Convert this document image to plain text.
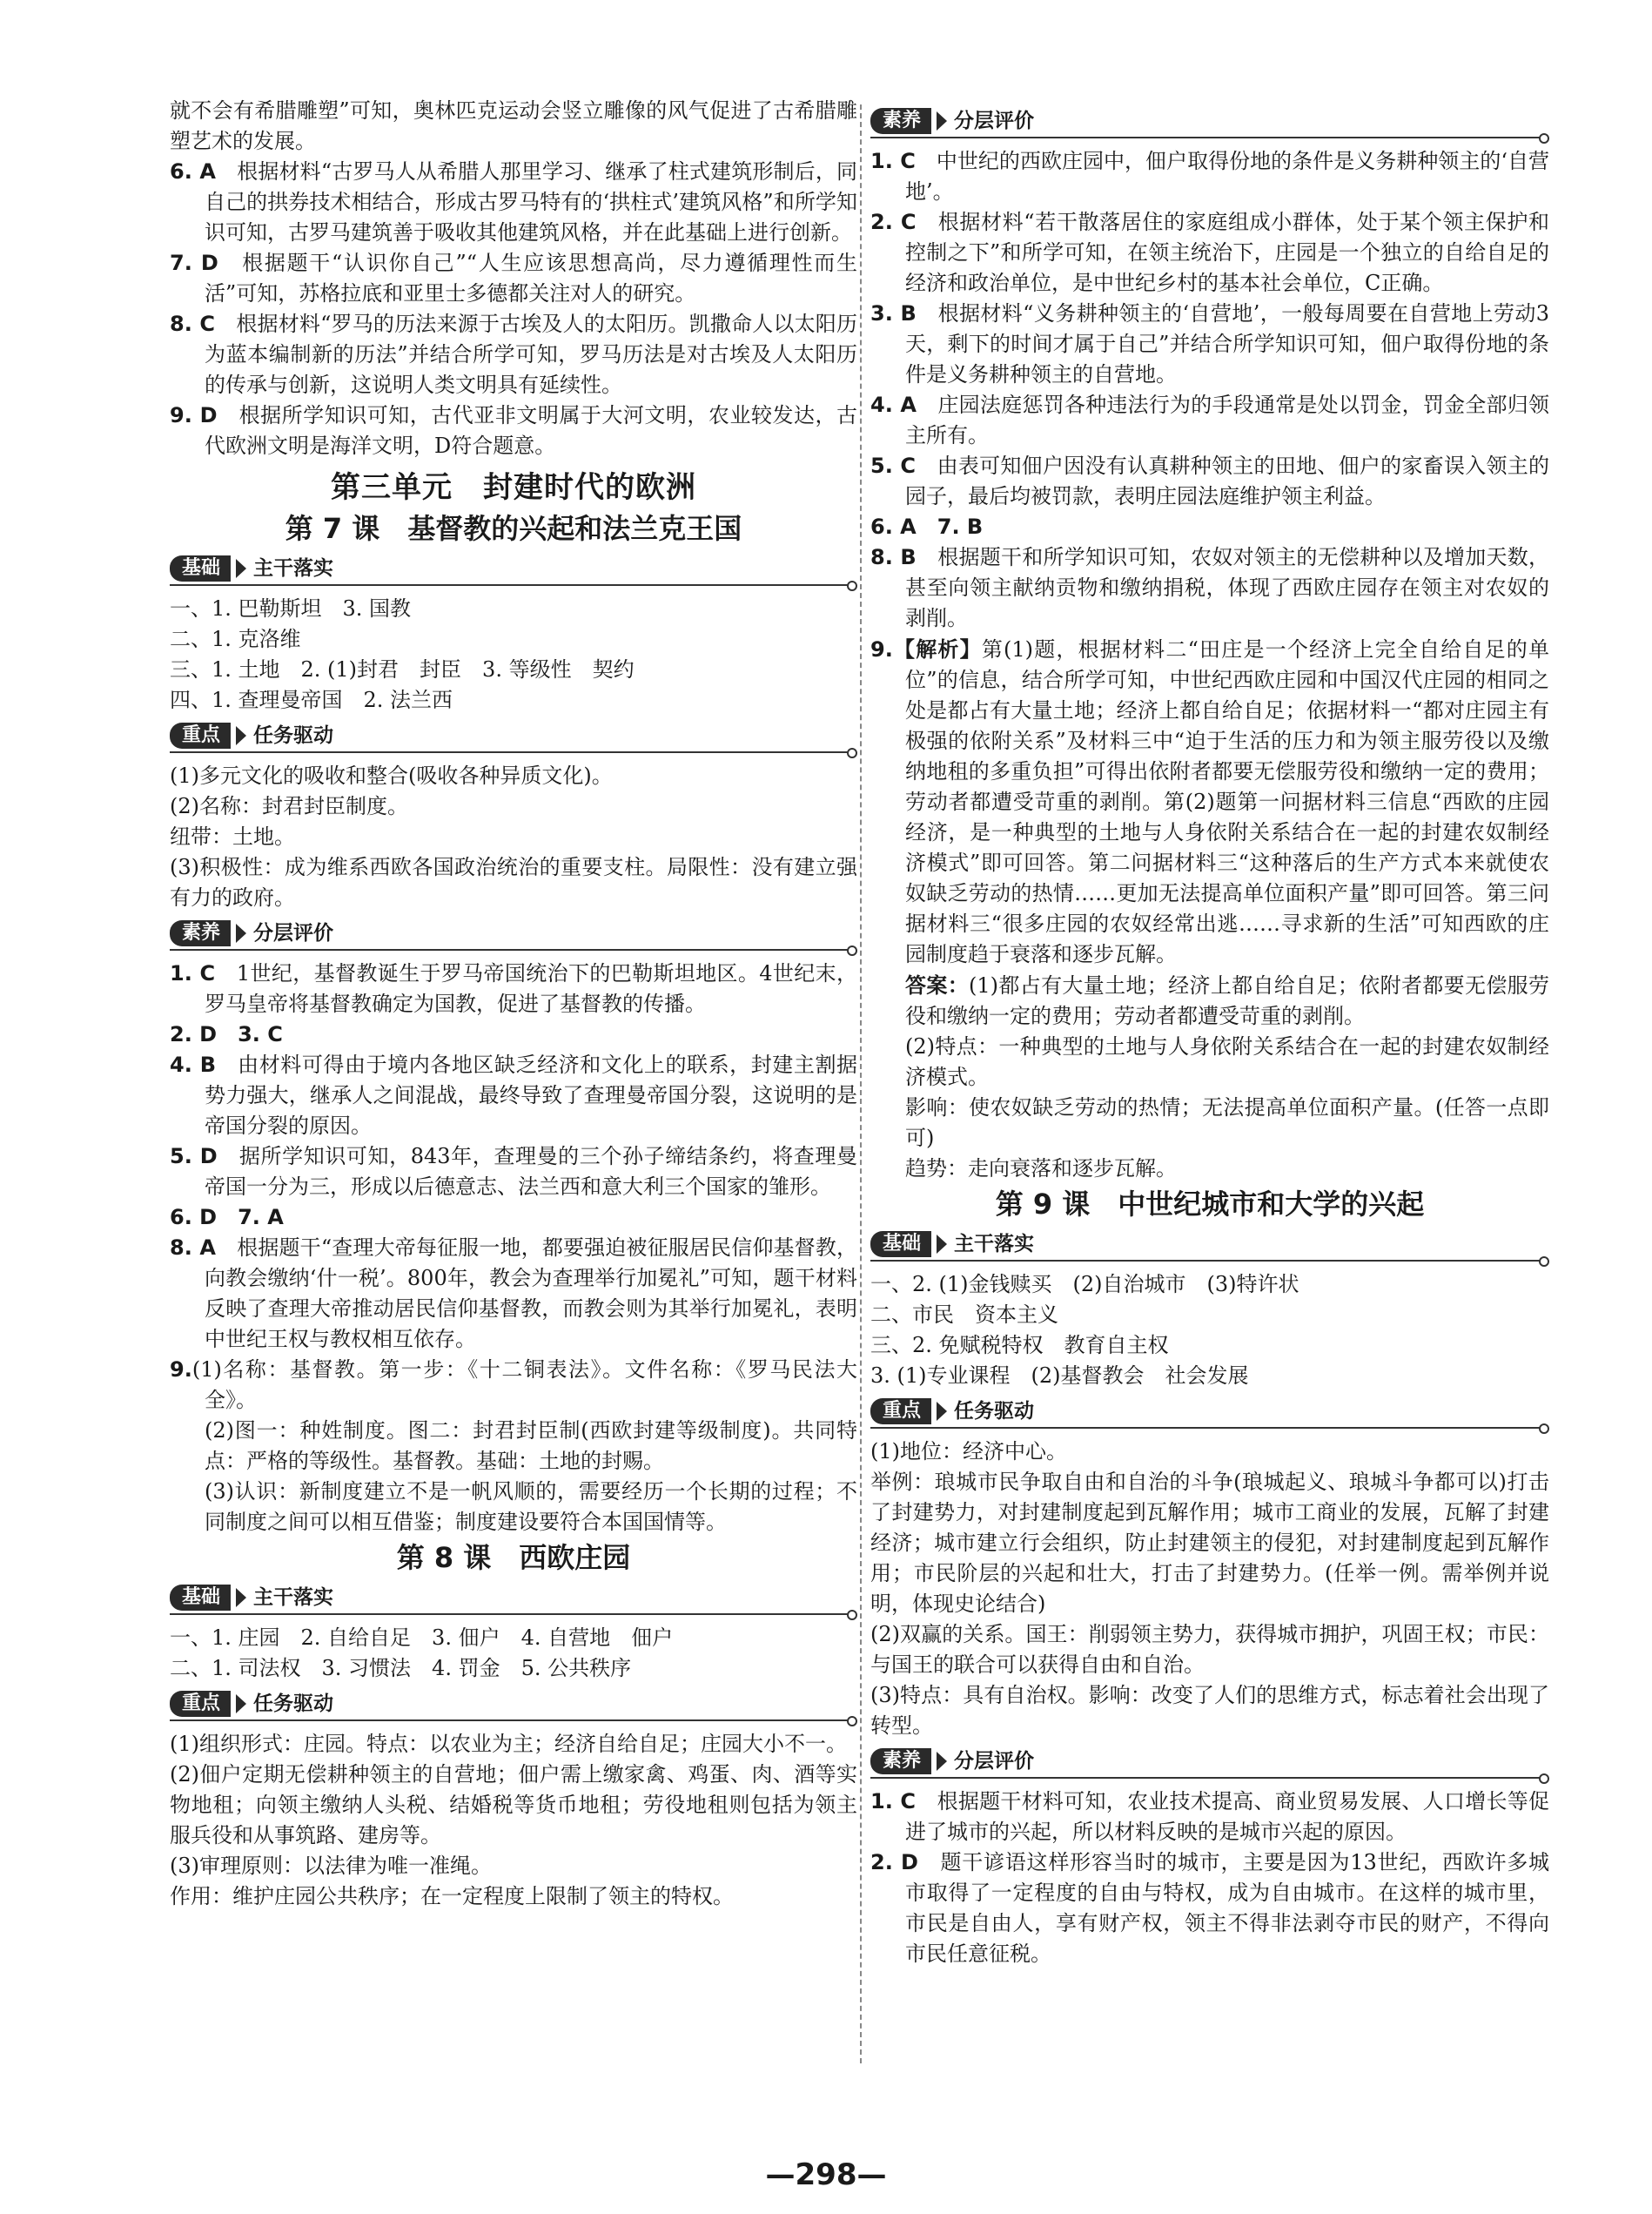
就不会有希腊雕塑”可知，奥林匹克运动会竖立雕像的风气促进了古希腊雕塑艺术的发展。

6. A　 根据材料“古罗马人从希腊人那里学习、继承了柱式建筑形制后，同自己的拱券技术相结合，形成古罗马特有的‘拱柱式’建筑风格”和所学知识可知，古罗马建筑善于吸收其他建筑风格，并在此基础上进行创新。

7. D　 根据题干“认识你自己”“人生应该思想高尚，尽力遵循理性而生活”可知，苏格拉底和亚里士多德都关注对人的研究。

8. C　 根据材料“罗马的历法来源于古埃及人的太阳历。凯撒命人以太阳历为蓝本编制新的历法”并结合所学可知，罗马历法是对古埃及人太阳历的传承与创新，这说明人类文明具有延续性。

9. D　 根据所学知识可知，古代亚非文明属于大河文明，农业较发达，古代欧洲文明是海洋文明，D符合题意。

第三单元　封建时代的欧洲
第 7 课　基督教的兴起和法兰克王国
基础	主干落实

一、1. 巴勒斯坦　3. 国教

二、1. 克洛维

三、1. 土地　2. (1)封君　封臣　3. 等级性　契约

四、1. 查理曼帝国　2. 法兰西

重点	任务驱动

(1)多元文化的吸收和整合(吸收各种异质文化)。

(2)名称：封君封臣制度。

纽带：土地。

(3)积极性：成为维系西欧各国政治统治的重要支柱。局限性：没有建立强有力的政府。

素养	分层评价

1. C　 1世纪，基督教诞生于罗马帝国统治下的巴勒斯坦地区。4世纪末，罗马皇帝将基督教确定为国教，促进了基督教的传播。

2. D　3. C

4. B　 由材料可得由于境内各地区缺乏经济和文化上的联系，封建主割据势力强大，继承人之间混战，最终导致了查理曼帝国分裂，这说明的是帝国分裂的原因。

5. D　 据所学知识可知，843年，查理曼的三个孙子缔结条约，将查理曼帝国一分为三，形成以后德意志、法兰西和意大利三个国家的雏形。

6. D　7. A

8. A　 根据题干“查理大帝每征服一地，都要强迫被征服居民信仰基督教，向教会缴纳‘什一税’。800年，教会为查理举行加冕礼”可知，题干材料反映了查理大帝推动居民信仰基督教，而教会则为其举行加冕礼，表明中世纪王权与教权相互依存。

9.(1)名称：基督教。第一步：《十二铜表法》。文件名称：《罗马民法大全》。

(2)图一：种姓制度。图二：封君封臣制(西欧封建等级制度)。共同特点：严格的等级性。基督教。基础：土地的封赐。

(3)认识：新制度建立不是一帆风顺的，需要经历一个长期的过程；不同制度之间可以相互借鉴；制度建设要符合本国国情等。

第 8 课　西欧庄园
基础	主干落实

一、1. 庄园　2. 自给自足　3. 佃户　4. 自营地　佃户

二、1. 司法权　3. 习惯法　4. 罚金　5. 公共秩序

重点	任务驱动

(1)组织形式：庄园。特点：以农业为主；经济自给自足；庄园大小不一。

(2)佃户定期无偿耕种领主的自营地；佃户需上缴家禽、鸡蛋、肉、酒等实物地租；向领主缴纳人头税、结婚税等货币地租；劳役地租则包括为领主服兵役和从事筑路、建房等。

(3)审理原则：以法律为唯一准绳。

作用：维护庄园公共秩序；在一定程度上限制了领主的特权。

素养	分层评价

1. C　 中世纪的西欧庄园中，佃户取得份地的条件是义务耕种领主的‘自营地’。

2. C　 根据材料“若干散落居住的家庭组成小群体，处于某个领主保护和控制之下”和所学可知，在领主统治下，庄园是一个独立的自给自足的经济和政治单位，是中世纪乡村的基本社会单位，C正确。

3. B　 根据材料“义务耕种领主的‘自营地’，一般每周要在自营地上劳动3天，剩下的时间才属于自己”并结合所学知识可知，佃户取得份地的条件是义务耕种领主的自营地。

4. A　 庄园法庭惩罚各种违法行为的手段通常是处以罚金，罚金全部归领主所有。

5. C　 由表可知佃户因没有认真耕种领主的田地、佃户的家畜误入领主的园子，最后均被罚款，表明庄园法庭维护领主利益。

6. A　7. B

8. B　 根据题干和所学知识可知，农奴对领主的无偿耕种以及增加天数，甚至向领主献纳贡物和缴纳捐税，体现了西欧庄园存在领主对农奴的剥削。

9.【解析】第(1)题，根据材料二“田庄是一个经济上完全自给自足的单位”的信息，结合所学可知，中世纪西欧庄园和中国汉代庄园的相同之处是都占有大量土地；经济上都自给自足；依据材料一“都对庄园主有极强的依附关系”及材料三中“迫于生活的压力和为领主服劳役以及缴纳地租的多重负担”可得出依附者都要无偿服劳役和缴纳一定的费用；劳动者都遭受苛重的剥削。第(2)题第一问据材料三信息“西欧的庄园经济，是一种典型的土地与人身依附关系结合在一起的封建农奴制经济模式”即可回答。第二问据材料三“这种落后的生产方式本来就使农奴缺乏劳动的热情……更加无法提高单位面积产量”即可回答。第三问据材料三“很多庄园的农奴经常出逃……寻求新的生活”可知西欧的庄园制度趋于衰落和逐步瓦解。

答案：(1)都占有大量土地；经济上都自给自足；依附者都要无偿服劳役和缴纳一定的费用；劳动者都遭受苛重的剥削。

(2)特点：一种典型的土地与人身依附关系结合在一起的封建农奴制经济模式。

影响：使农奴缺乏劳动的热情；无法提高单位面积产量。(任答一点即可)

趋势：走向衰落和逐步瓦解。

第 9 课　中世纪城市和大学的兴起
基础	主干落实

一、2. (1)金钱赎买　(2)自治城市　(3)特许状

二、市民　资本主义

三、2. 免赋税特权　教育自主权

3. (1)专业课程　(2)基督教会　社会发展

重点	任务驱动

(1)地位：经济中心。

举例：琅城市民争取自由和自治的斗争(琅城起义、琅城斗争都可以)打击了封建势力，对封建制度起到瓦解作用；城市工商业的发展，瓦解了封建经济；城市建立行会组织，防止封建领主的侵犯，对封建制度起到瓦解作用；市民阶层的兴起和壮大，打击了封建势力。(任举一例。需举例并说明，体现史论结合)

(2)双赢的关系。国王：削弱领主势力，获得城市拥护，巩固王权；市民：与国王的联合可以获得自由和自治。

(3)特点：具有自治权。影响：改变了人们的思维方式，标志着社会出现了转型。

素养	分层评价

1. C　 根据题干材料可知，农业技术提高、商业贸易发展、人口增长等促进了城市的兴起，所以材料反映的是城市兴起的原因。

2. D　 题干谚语这样形容当时的城市，主要是因为13世纪，西欧许多城市取得了一定程度的自由与特权，成为自由城市。在这样的城市里，市民是自由人，享有财产权，领主不得非法剥夺市民的财产，不得向市民任意征税。

—298—
